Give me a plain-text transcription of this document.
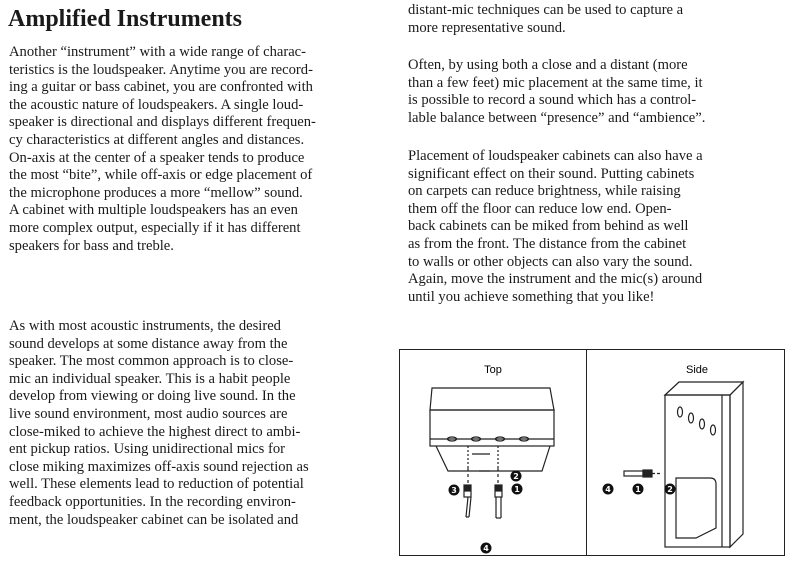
Amplified Instruments

Another “instrument” with a wide range of charac-
teristics is the loudspeaker. Anytime you are record-
ing a guitar or bass cabinet, you are confronted with
the acoustic nature of loudspeakers. A single loud-
speaker is directional and displays different frequen-
cy characteristics at different angles and distances.
On-axis at the center of a speaker tends to produce
the most “bite”, while off-axis or edge placement of
the microphone produces a more “mellow” sound.
A cabinet with multiple loudspeakers has an even
more complex output, especially if it has different
speakers for bass and treble.

As with most acoustic instruments, the desired
sound develops at some distance away from the
speaker. The most common approach is to close-
mic an individual speaker. This is a habit people
develop from viewing or doing live sound. In the
live sound environment, most audio sources are
close-miked to achieve the highest direct to ambi-
ent pickup ratios. Using unidirectional mics for
close miking maximizes off-axis sound rejection as
well. These elements lead to reduction of potential
feedback opportunities. In the recording environ-
ment, the loudspeaker cabinet can be isolated and

distant-mic techniques can be used to capture a
more representative sound.

Often, by using both a close and a distant (more
than a few feet) mic placement at the same time, it
is possible to record a sound which has a control-
lable balance between “presence” and “ambience”.

Placement of loudspeaker cabinets can also have a
significant effect on their sound. Putting cabinets
on carpets can reduce brightness, while raising
them off the floor can reduce low end. Open-
back cabinets can be miked from behind as well
as from the front. The distance from the cabinet
to walls or other objects can also vary the sound.
Again, move the instrument and the mic(s) around
until you achieve something that you like!

Top
2
3	1
4
Side
4	1	2
